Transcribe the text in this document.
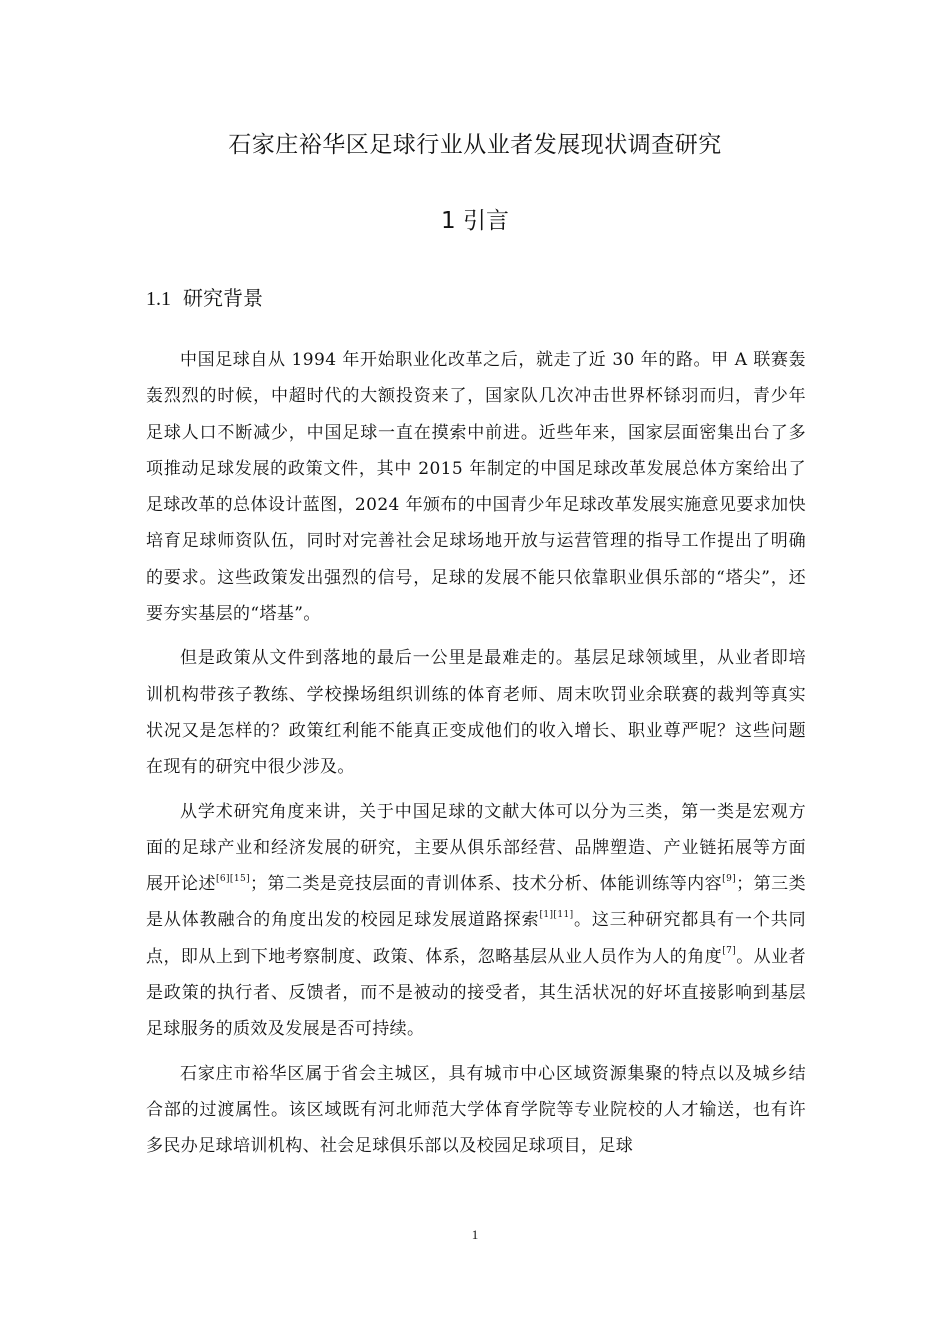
石家庄裕华区足球行业从业者发展现状调查研究
1 引言
1.1 研究背景

中国足球自从 1994 年开始职业化改革之后，就走了近 30 年的路。甲 A 联赛轰轰烈烈的时候，中超时代的大额投资来了，国家队几次冲击世界杯铩羽而归，青少年足球人口不断减少，中国足球一直在摸索中前进。近些年来，国家层面密集出台了多项推动足球发展的政策文件，其中 2015 年制定的中国足球改革发展总体方案给出了足球改革的总体设计蓝图，2024 年颁布的中国青少年足球改革发展实施意见要求加快培育足球师资队伍，同时对完善社会足球场地开放与运营管理的指导工作提出了明确的要求。这些政策发出强烈的信号，足球的发展不能只依靠职业俱乐部的“塔尖”，还要夯实基层的“塔基”。

但是政策从文件到落地的最后一公里是最难走的。基层足球领域里，从业者即培训机构带孩子教练、学校操场组织训练的体育老师、周末吹罚业余联赛的裁判等真实状况又是怎样的？政策红利能不能真正变成他们的收入增长、职业尊严呢？这些问题在现有的研究中很少涉及。

从学术研究角度来讲，关于中国足球的文献大体可以分为三类，第一类是宏观方面的足球产业和经济发展的研究，主要从俱乐部经营、品牌塑造、产业链拓展等方面展开论述[6][15]；第二类是竞技层面的青训体系、技术分析、体能训练等内容[9]；第三类是从体教融合的角度出发的校园足球发展道路探索[1][11]。这三种研究都具有一个共同点，即从上到下地考察制度、政策、体系，忽略基层从业人员作为人的角度[7]。从业者是政策的执行者、反馈者，而不是被动的接受者，其生活状况的好坏直接影响到基层足球服务的质效及发展是否可持续。

石家庄市裕华区属于省会主城区，具有城市中心区域资源集聚的特点以及城乡结合部的过渡属性。该区域既有河北师范大学体育学院等专业院校的人才输送，也有许多民办足球培训机构、社会足球俱乐部以及校园足球项目，足球

1
